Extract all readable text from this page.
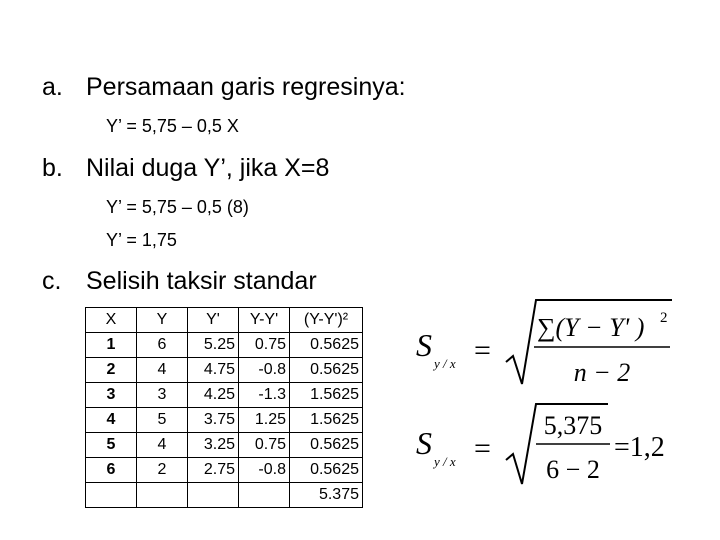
a. Persamaan garis regresinya:
Y’ = 5,75 – 0,5 X
b. Nilai duga Y’, jika X=8
Y’ = 5,75 – 0,5 (8)
Y’ = 1,75
c. Selisih taksir standar
X	Y	Y'	Y-Y'	(Y-Y')²
1	6	5.25	0.75	0.5625
2	4	4.75	-0.8	0.5625
3	3	4.25	-1.3	1.5625
4	5	3.75	1.25	1.5625
5	4	3.25	0.75	0.5625
6	2	2.75	-0.8	0.5625
				5.375
S
y / x =
∑(Y − Y' ) 2
n − 2
S
y / x =
5,375
6 − 2
=1,2
